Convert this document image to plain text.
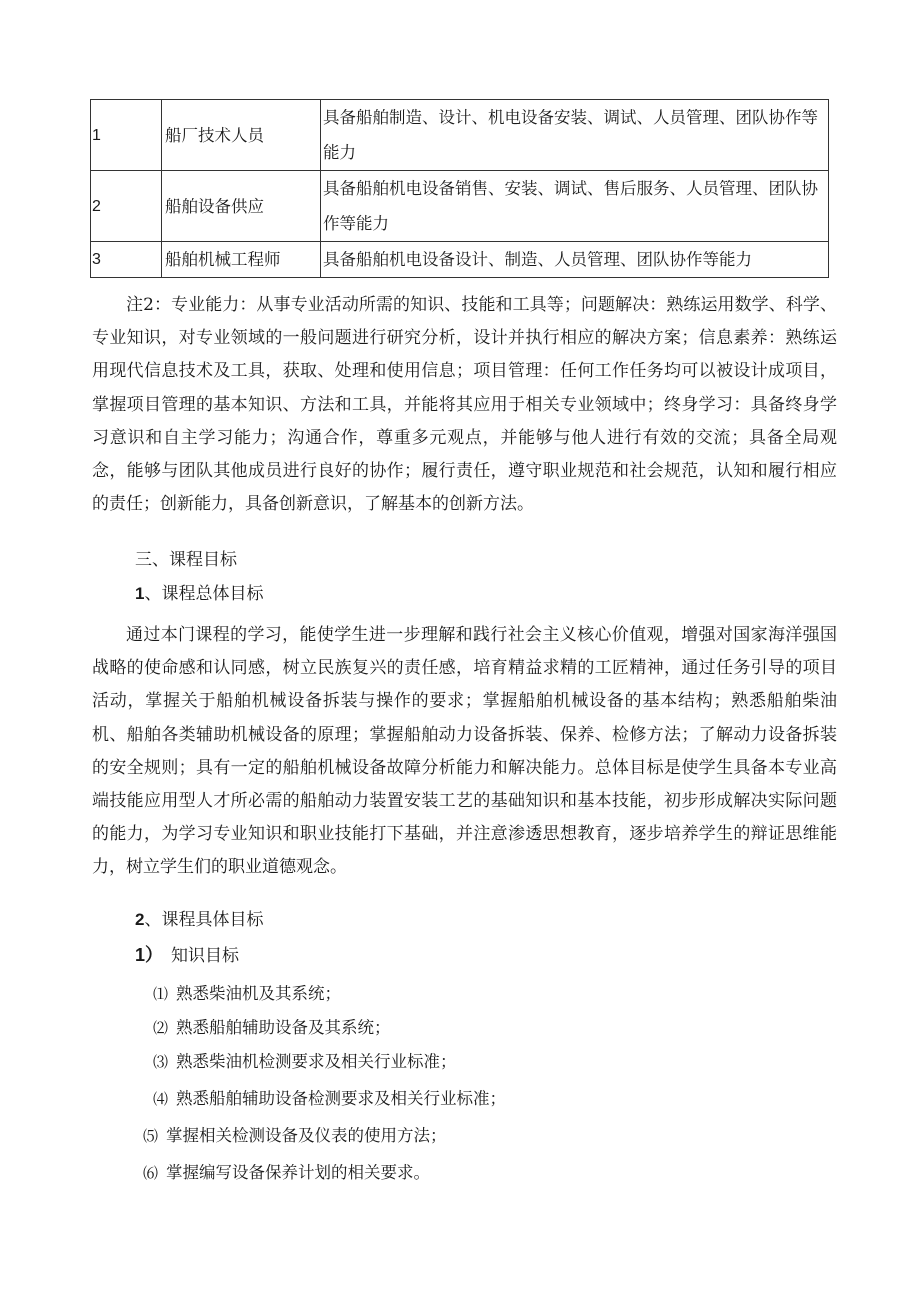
1	船厂技术人员	具备船舶制造、设计、机电设备安装、调试、人员管理、团队协作等能力
2	船舶设备供应	具备船舶机电设备销售、安装、调试、售后服务、人员管理、团队协作等能力
3	船舶机械工程师	具备船舶机电设备设计、制造、人员管理、团队协作等能力

注2：专业能力：从事专业活动所需的知识、技能和工具等；问题解决：熟练运用数学、科学、专业知识，对专业领域的一般问题进行研究分析，设计并执行相应的解决方案；信息素养：熟练运用现代信息技术及工具，获取、处理和使用信息；项目管理：任何工作任务均可以被设计成项目，掌握项目管理的基本知识、方法和工具，并能将其应用于相关专业领域中；终身学习：具备终身学习意识和自主学习能力；沟通合作，尊重多元观点，并能够与他人进行有效的交流；具备全局观念，能够与团队其他成员进行良好的协作；履行责任，遵守职业规范和社会规范，认知和履行相应的责任；创新能力，具备创新意识，了解基本的创新方法。

三、课程目标

1、课程总体目标

通过本门课程的学习，能使学生进一步理解和践行社会主义核心价值观，增强对国家海洋强国战略的使命感和认同感，树立民族复兴的责任感，培育精益求精的工匠精神，通过任务引导的项目活动，掌握关于船舶机械设备拆装与操作的要求；掌握船舶机械设备的基本结构；熟悉船舶柴油机、船舶各类辅助机械设备的原理；掌握船舶动力设备拆装、保养、检修方法；了解动力设备拆装的安全规则；具有一定的船舶机械设备故障分析能力和解决能力。总体目标是使学生具备本专业高端技能应用型人才所必需的船舶动力装置安装工艺的基础知识和基本技能，初步形成解决实际问题的能力，为学习专业知识和职业技能打下基础，并注意渗透思想教育，逐步培养学生的辩证思维能力，树立学生们的职业道德观念。

2、课程具体目标

1） 知识目标

⑴ 熟悉柴油机及其系统；

⑵ 熟悉船舶辅助设备及其系统；

⑶ 熟悉柴油机检测要求及相关行业标准；

⑷ 熟悉船舶辅助设备检测要求及相关行业标准；

⑸ 掌握相关检测设备及仪表的使用方法；

⑹ 掌握编写设备保养计划的相关要求。
